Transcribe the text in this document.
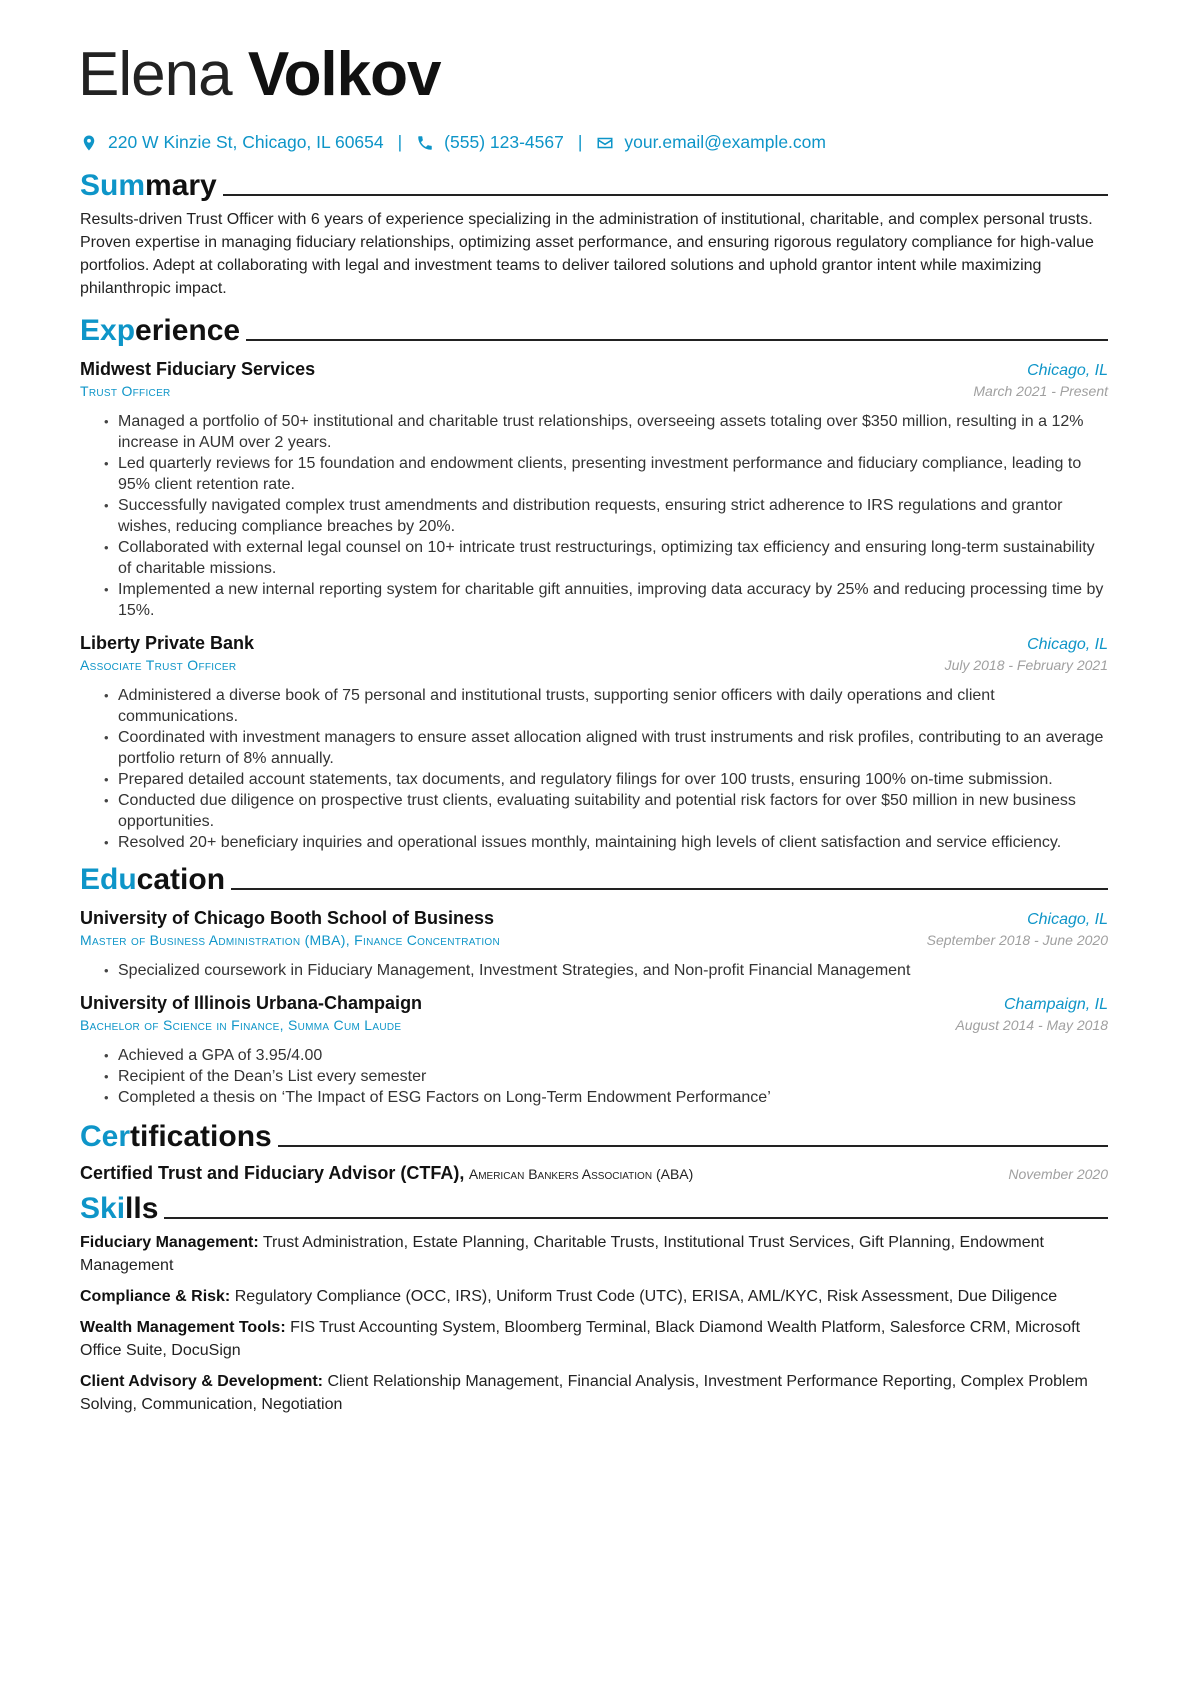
Elena Volkov
220 W Kinzie St, Chicago, IL 60654 | (555) 123-4567 | your.email@example.com
Summary
Results-driven Trust Officer with 6 years of experience specializing in the administration of institutional, charitable, and complex personal trusts. Proven expertise in managing fiduciary relationships, optimizing asset performance, and ensuring rigorous regulatory compliance for high-value portfolios. Adept at collaborating with legal and investment teams to deliver tailored solutions and uphold grantor intent while maximizing philanthropic impact.
Experience
Midwest Fiduciary Services	Chicago, IL
Trust Officer	March 2021 - Present
• Managed a portfolio of 50+ institutional and charitable trust relationships, overseeing assets totaling over $350 million, resulting in a 12% increase in AUM over 2 years.
• Led quarterly reviews for 15 foundation and endowment clients, presenting investment performance and fiduciary compliance, leading to 95% client retention rate.
• Successfully navigated complex trust amendments and distribution requests, ensuring strict adherence to IRS regulations and grantor wishes, reducing compliance breaches by 20%.
• Collaborated with external legal counsel on 10+ intricate trust restructurings, optimizing tax efficiency and ensuring long-term sustainability of charitable missions.
• Implemented a new internal reporting system for charitable gift annuities, improving data accuracy by 25% and reducing processing time by 15%.
Liberty Private Bank	Chicago, IL
Associate Trust Officer	July 2018 - February 2021
• Administered a diverse book of 75 personal and institutional trusts, supporting senior officers with daily operations and client communications.
• Coordinated with investment managers to ensure asset allocation aligned with trust instruments and risk profiles, contributing to an average portfolio return of 8% annually.
• Prepared detailed account statements, tax documents, and regulatory filings for over 100 trusts, ensuring 100% on-time submission.
• Conducted due diligence on prospective trust clients, evaluating suitability and potential risk factors for over $50 million in new business opportunities.
• Resolved 20+ beneficiary inquiries and operational issues monthly, maintaining high levels of client satisfaction and service efficiency.
Education
University of Chicago Booth School of Business	Chicago, IL
Master of Business Administration (MBA), Finance Concentration	September 2018 - June 2020
• Specialized coursework in Fiduciary Management, Investment Strategies, and Non-profit Financial Management
University of Illinois Urbana-Champaign	Champaign, IL
Bachelor of Science in Finance, Summa Cum Laude	August 2014 - May 2018
• Achieved a GPA of 3.95/4.00
• Recipient of the Dean’s List every semester
• Completed a thesis on ‘The Impact of ESG Factors on Long-Term Endowment Performance’
Certifications
Certified Trust and Fiduciary Advisor (CTFA), American Bankers Association (ABA)	November 2020
Skills
Fiduciary Management: Trust Administration, Estate Planning, Charitable Trusts, Institutional Trust Services, Gift Planning, Endowment Management
Compliance & Risk: Regulatory Compliance (OCC, IRS), Uniform Trust Code (UTC), ERISA, AML/KYC, Risk Assessment, Due Diligence
Wealth Management Tools: FIS Trust Accounting System, Bloomberg Terminal, Black Diamond Wealth Platform, Salesforce CRM, Microsoft Office Suite, DocuSign
Client Advisory & Development: Client Relationship Management, Financial Analysis, Investment Performance Reporting, Complex Problem Solving, Communication, Negotiation
